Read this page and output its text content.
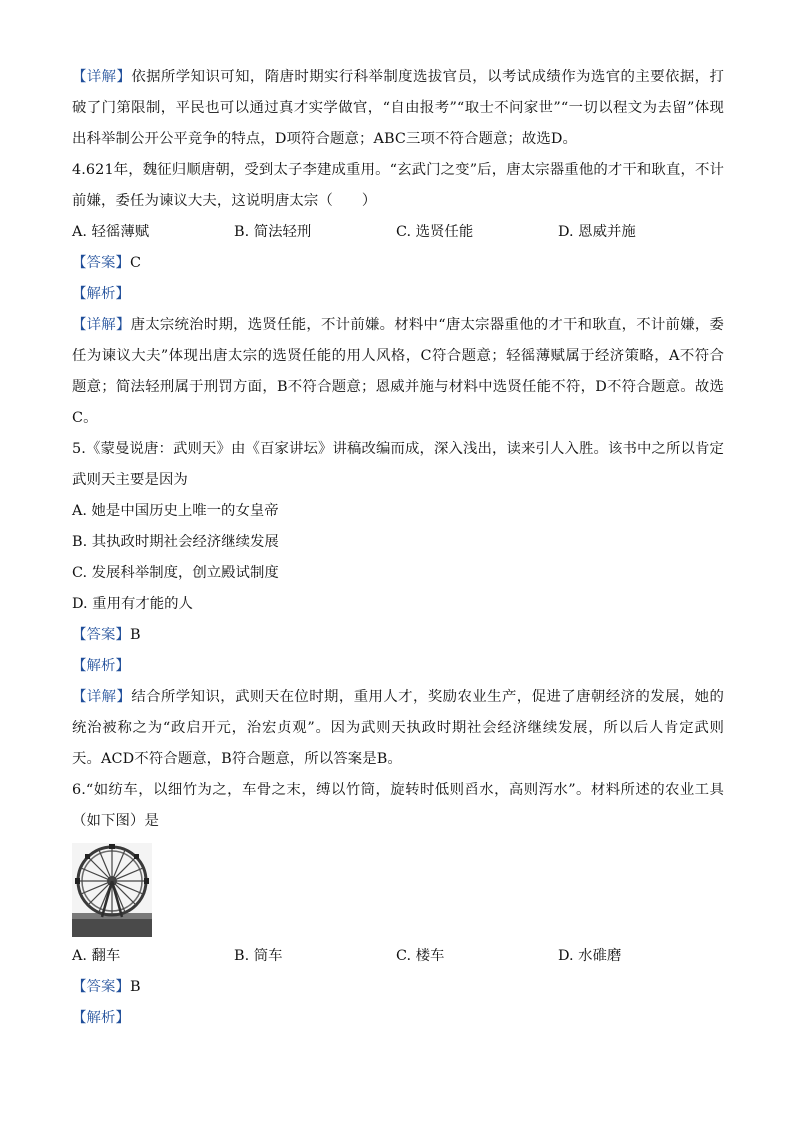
【详解】依据所学知识可知，隋唐时期实行科举制度选拔官员，以考试成绩作为选官的主要依据，打破了门第限制，平民也可以通过真才实学做官，“自由报考”“取士不问家世”“一切以程文为去留”体现出科举制公开公平竞争的特点，D项符合题意；ABC三项不符合题意；故选D。

4.621年，魏征归顺唐朝，受到太子李建成重用。“玄武门之变”后，唐太宗器重他的才干和耿直，不计前嫌，委任为谏议大夫，这说明唐太宗（　　）

A. 轻徭薄赋	B. 简法轻刑	C. 选贤任能	D. 恩威并施

【答案】C

【解析】

【详解】唐太宗统治时期，选贤任能，不计前嫌。材料中“唐太宗器重他的才干和耿直，不计前嫌，委任为谏议大夫”体现出唐太宗的选贤任能的用人风格，C符合题意；轻徭薄赋属于经济策略，A不符合题意；简法轻刑属于刑罚方面，B不符合题意；恩威并施与材料中选贤任能不符，D不符合题意。故选C。

5.《蒙曼说唐：武则天》由《百家讲坛》讲稿改编而成，深入浅出，读来引人入胜。该书中之所以肯定武则天主要是因为

A. 她是中国历史上唯一的女皇帝

B. 其执政时期社会经济继续发展

C. 发展科举制度，创立殿试制度

D. 重用有才能的人

【答案】B

【解析】

【详解】结合所学知识，武则天在位时期，重用人才，奖励农业生产，促进了唐朝经济的发展，她的统治被称之为“政启开元，治宏贞观”。因为武则天执政时期社会经济继续发展，所以后人肯定武则天。ACD不符合题意，B符合题意，所以答案是B。

6.“如纺车，以细竹为之，车骨之末，缚以竹筒，旋转时低则舀水，高则泻水”。材料所述的农业工具（如下图）是

A. 翻车	B. 筒车	C. 楼车	D. 水碓磨

【答案】B

【解析】
